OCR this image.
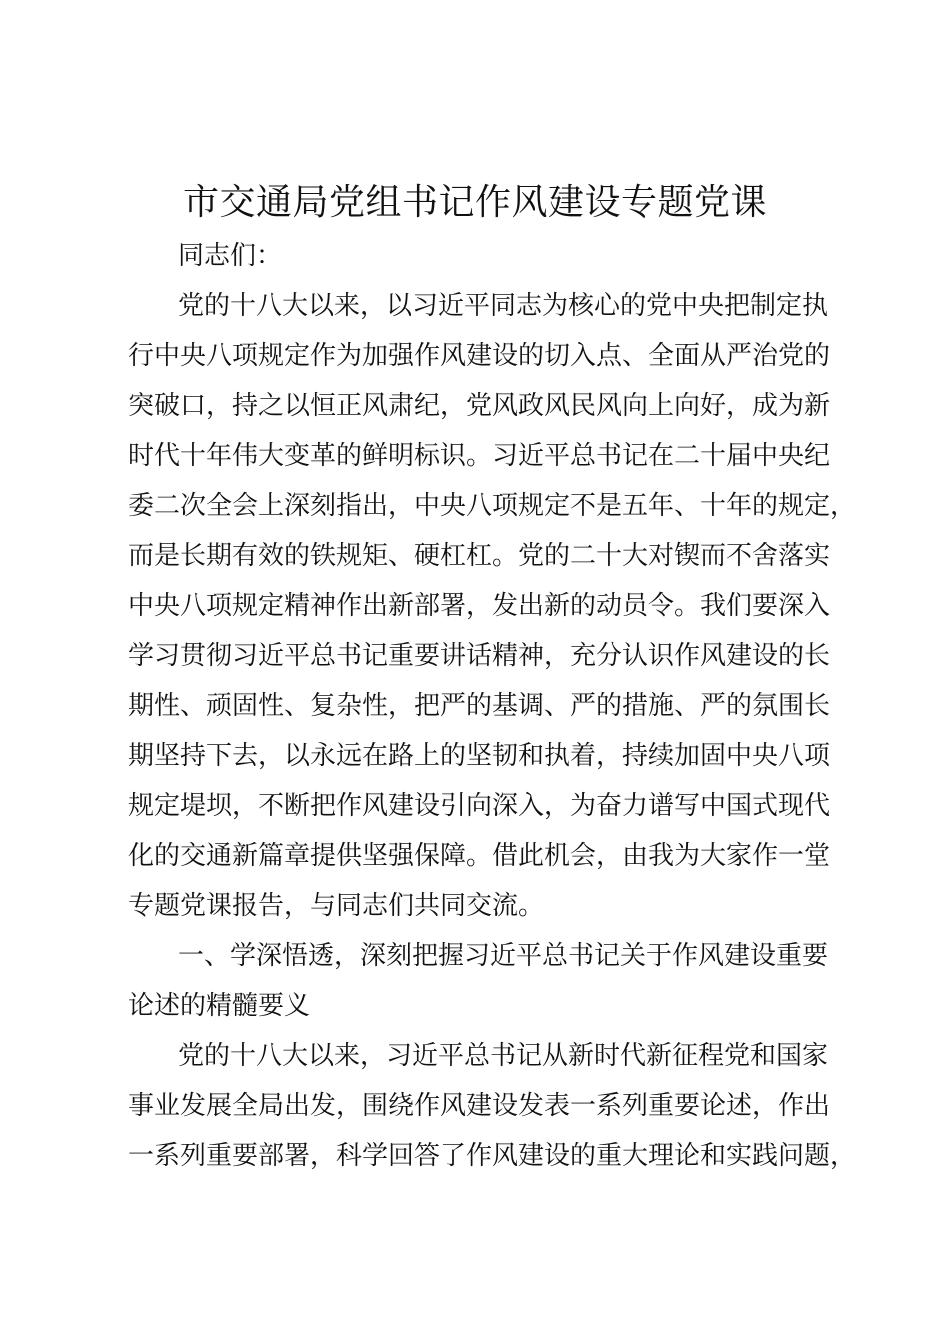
市交通局党组书记作风建设专题党课

同志们：

党的十八大以来，以习近平同志为核心的党中央把制定执

行中央八项规定作为加强作风建设的切入点、全面从严治党的

突破口，持之以恒正风肃纪，党风政风民风向上向好，成为新

时代十年伟大变革的鲜明标识。习近平总书记在二十届中央纪

委二次全会上深刻指出，中央八项规定不是五年、十年的规定，

而是长期有效的铁规矩、硬杠杠。党的二十大对锲而不舍落实

中央八项规定精神作出新部署，发出新的动员令。我们要深入

学习贯彻习近平总书记重要讲话精神，充分认识作风建设的长

期性、顽固性、复杂性，把严的基调、严的措施、严的氛围长

期坚持下去，以永远在路上的坚韧和执着，持续加固中央八项

规定堤坝，不断把作风建设引向深入，为奋力谱写中国式现代

化的交通新篇章提供坚强保障。借此机会，由我为大家作一堂

专题党课报告，与同志们共同交流。

一、学深悟透，深刻把握习近平总书记关于作风建设重要

论述的精髓要义

党的十八大以来，习近平总书记从新时代新征程党和国家

事业发展全局出发，围绕作风建设发表一系列重要论述，作出

一系列重要部署，科学回答了作风建设的重大理论和实践问题，
